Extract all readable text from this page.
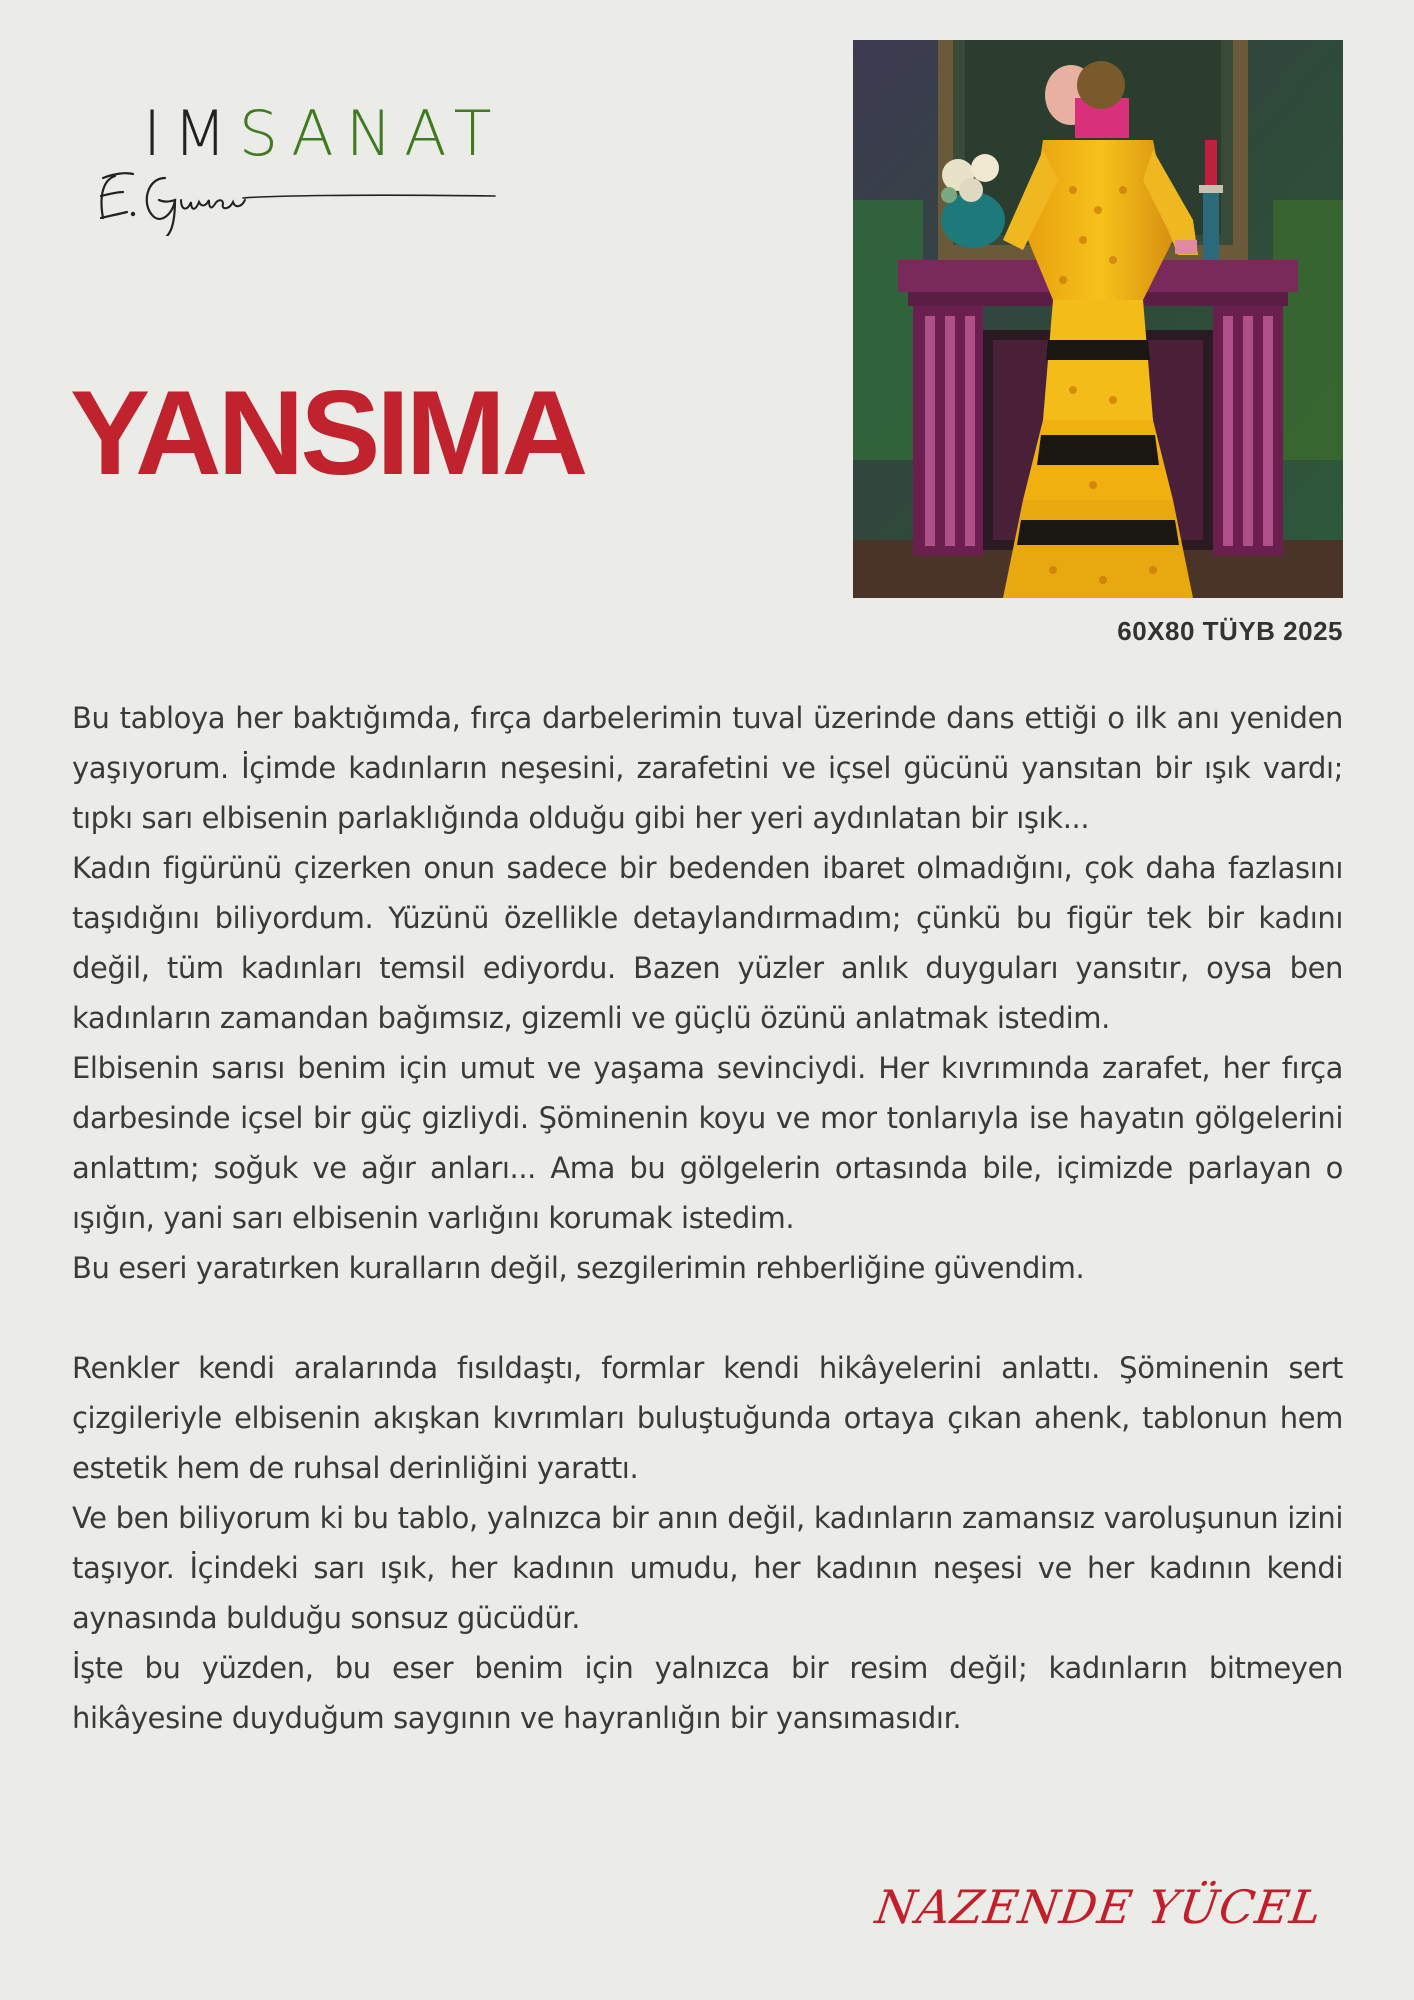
IMSANAT
YANSIMA
60X80 TÜYB 2025

Bu tabloya her baktığımda, fırça darbelerimin tuval üzerinde dans ettiği o ilk anı yeniden yaşıyorum. İçimde kadınların neşesini, zarafetini ve içsel gücünü yansıtan bir ışık vardı; tıpkı sarı elbisenin parlaklığında olduğu gibi her yeri aydınlatan bir ışık...

Kadın figürünü çizerken onun sadece bir bedenden ibaret olmadığını, çok daha fazlasını taşıdığını biliyordum. Yüzünü özellikle detaylandırmadım; çünkü bu figür tek bir kadını değil, tüm kadınları temsil ediyordu. Bazen yüzler anlık duyguları yansıtır, oysa ben kadınların zamandan bağımsız, gizemli ve güçlü özünü anlatmak istedim.

Elbisenin sarısı benim için umut ve yaşama sevinciydi. Her kıvrımında zarafet, her fırça darbesinde içsel bir güç gizliydi. Şöminenin koyu ve mor tonlarıyla ise hayatın gölgelerini anlattım; soğuk ve ağır anları... Ama bu gölgelerin ortasında bile, içimizde parlayan o ışığın, yani sarı elbisenin varlığını korumak istedim.

Bu eseri yaratırken kuralların değil, sezgilerimin rehberliğine güvendim.

Renkler kendi aralarında fısıldaştı, formlar kendi hikâyelerini anlattı. Şöminenin sert çizgileriyle elbisenin akışkan kıvrımları buluştuğunda ortaya çıkan ahenk, tablonun hem estetik hem de ruhsal derinliğini yarattı.

Ve ben biliyorum ki bu tablo, yalnızca bir anın değil, kadınların zamansız varoluşunun izini taşıyor. İçindeki sarı ışık, her kadının umudu, her kadının neşesi ve her kadının kendi aynasında bulduğu sonsuz gücüdür.

İşte bu yüzden, bu eser benim için yalnızca bir resim değil; kadınların bitmeyen hikâyesine duyduğum saygının ve hayranlığın bir yansımasıdır.

NAZENDE YÜCEL
